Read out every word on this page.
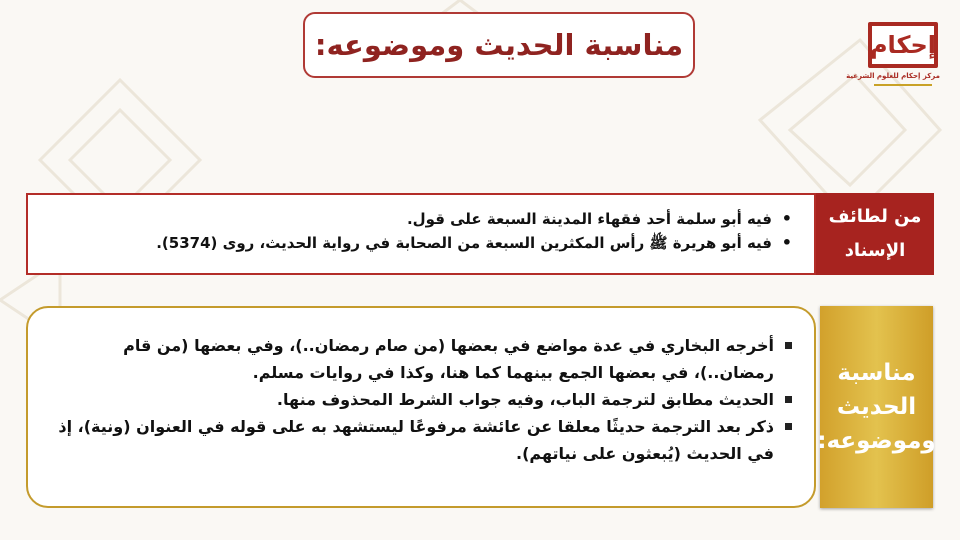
إحكام
مركز إحكام للعلوم الشرعية
مناسبة الحديث وموضوعه:
من لطائف
الإسناد
• فيه أبو سلمة أحد فقهاء المدينة السبعة على قول.
• فيه أبو هريرة ﷺ رأس المكثرين السبعة من الصحابة في رواية الحديث، روى (5374).
مناسبة
الحديث
وموضوعه:
أخرجه البخاري في عدة مواضع في بعضها (من صام رمضان..)، وفي بعضها (من قام رمضان..)، في بعضها الجمع بينهما كما هنا، وكذا في روايات مسلم.
الحديث مطابق لترجمة الباب، وفيه جواب الشرط المحذوف منها.
ذكر بعد الترجمة حديثًا معلقا عن عائشة مرفوعًا ليستشهد به على قوله في العنوان (ونية)، إذ في الحديث (يُبعثون على نياتهم).
